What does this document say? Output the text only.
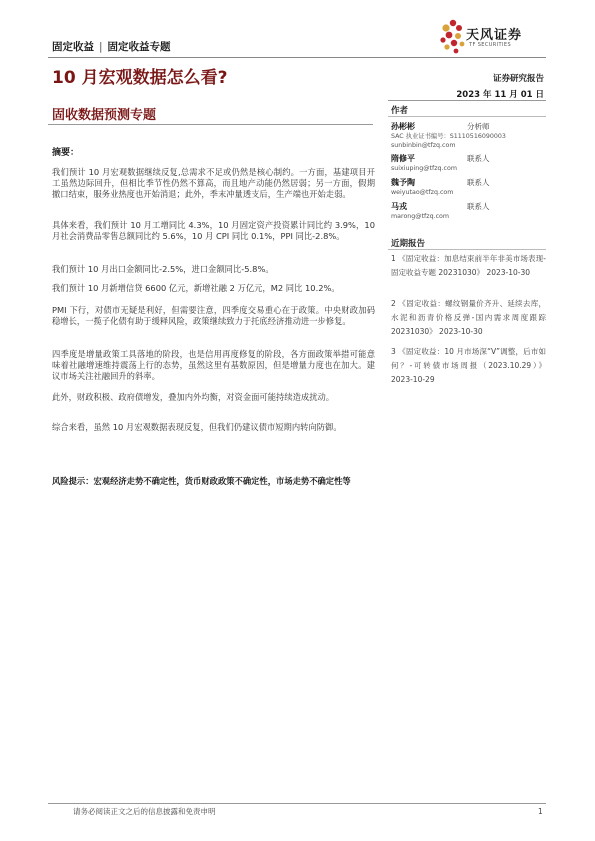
固定收益 | 固定收益专题
天风证券
TF SECURITIES
10 月宏观数据怎么看?	证券研究报告
2023 年 11 月 01 日
固收数据预测专题	作者
孙彬彬	分析师
SAC 执业证书编号：S1110516090003
sunbinbin@tfzq.com
隋修平	联系人
suixiuping@tfzq.com
魏予陶	联系人
weiyutao@tfzq.com
马戎	联系人
marong@tfzq.com
近期报告
1 《固定收益：加息结束前半年非美市场表现-固定收益专题 20231030》 2023-10-30
2 《固定收益：螺纹钢量价齐升、延续去库，水泥和沥青价格反弹-国内需求周度跟踪 20231030》 2023-10-30
3 《固定收益：10 月市场深“V”调整，后市如何？-可转债市场周报（2023.10.29）》 2023-10-29
摘要：
我们预计 10 月宏观数据继续反复,总需求不足或仍然是核心制约。一方面，基建项目开工虽然边际回升，但相比季节性仍然不算高，而且地产动能仍然居弱；另一方面，假期撤口结束，服务业热度也开始消退；此外，季末冲量透支后，生产端也开始走弱。
具体来看，我们预计 10 月工增同比 4.3%，10 月固定资产投资累计同比约 3.9%，10 月社会消费品零售总额同比约 5.6%，10 月 CPI 同比 0.1%，PPI 同比-2.8%。
我们预计 10 月出口金额同比-2.5%，进口金额同比-5.8%。
我们预计 10 月新增信贷 6600 亿元，新增社融 2 万亿元，M2 同比 10.2%。
PMI 下行，对债市无疑是利好，但需要注意，四季度交易重心在于政策。中央财政加码稳增长，一揽子化债有助于缓释风险，政策继续致力于托底经济推动进一步修复。
四季度是增量政策工具落地的阶段，也是信用再度修复的阶段，各方面政策举措可能意味着社融增速维持震荡上行的态势，虽然这里有基数原因，但是增量力度也在加大。建议市场关注社融回升的斜率。
此外，财政积极、政府债增发，叠加内外均衡，对资金面可能持续造成扰动。
综合来看，虽然 10 月宏观数据表现反复，但我们仍建议债市短期内转向防御。
风险提示：宏观经济走势不确定性，货币财政政策不确定性，市场走势不确定性等
请务必阅读正文之后的信息披露和免责申明	1
